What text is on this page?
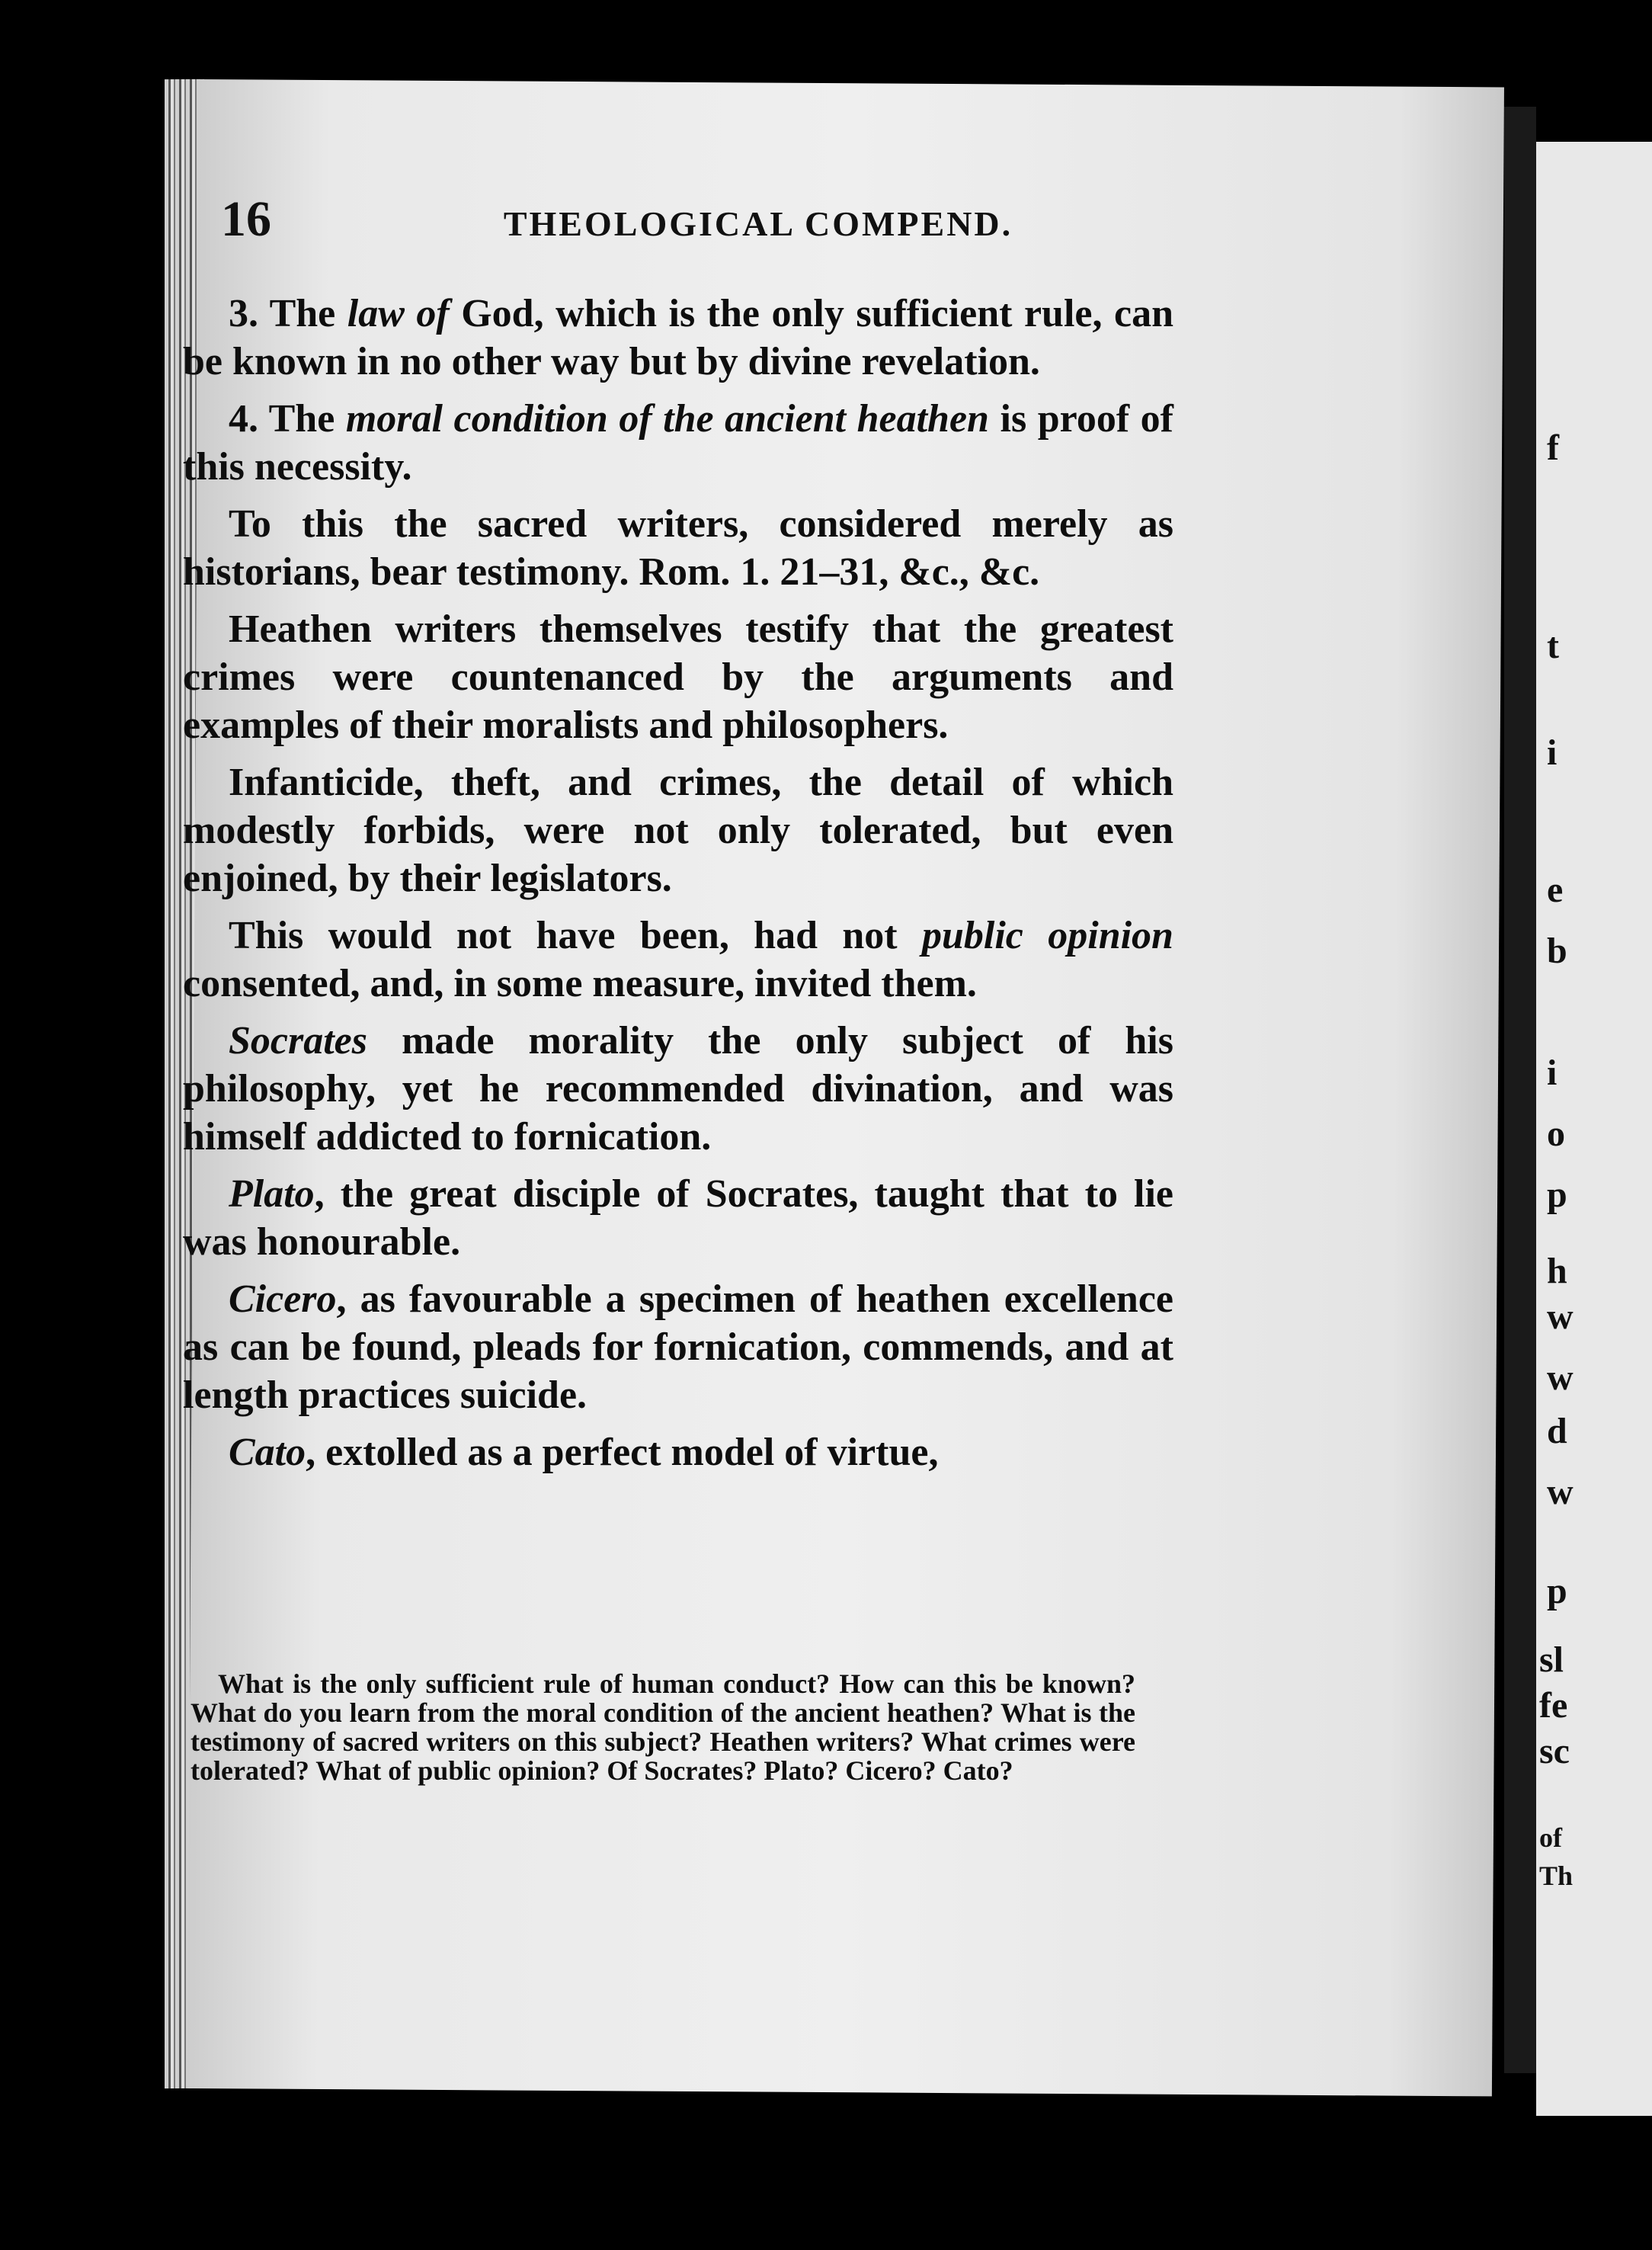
f
t
i
e
b
i
o
p
h
w
w
d
w
p
sl
fe
sc
of
Th
16	THEOLOGICAL COMPEND.

3. The law of God, which is the only sufficient rule, can be known in no other way but by divine revelation.

4. The moral condition of the ancient heathen is proof of this necessity.

To this the sacred writers, considered merely as historians, bear testimony. Rom. 1. 21–31, &c., &c.

Heathen writers themselves testify that the greatest crimes were countenanced by the arguments and examples of their moralists and philosophers.

Infanticide, theft, and crimes, the detail of which modestly forbids, were not only tolerated, but even enjoined, by their legislators.

This would not have been, had not public opinion consented, and, in some measure, invited them.

Socrates made morality the only subject of his philosophy, yet he recommended divination, and was himself addicted to fornication.

Plato, the great disciple of Socrates, taught that to lie was honourable.

Cicero, as favourable a specimen of heathen excellence as can be found, pleads for fornication, commends, and at length practices suicide.

Cato, extolled as a perfect model of virtue,

What is the only sufficient rule of human conduct? How can this be known? What do you learn from the moral condition of the ancient heathen? What is the testimony of sacred writers on this subject? Heathen writers? What crimes were tolerated? What of public opinion? Of Socrates? Plato? Cicero? Cato?
